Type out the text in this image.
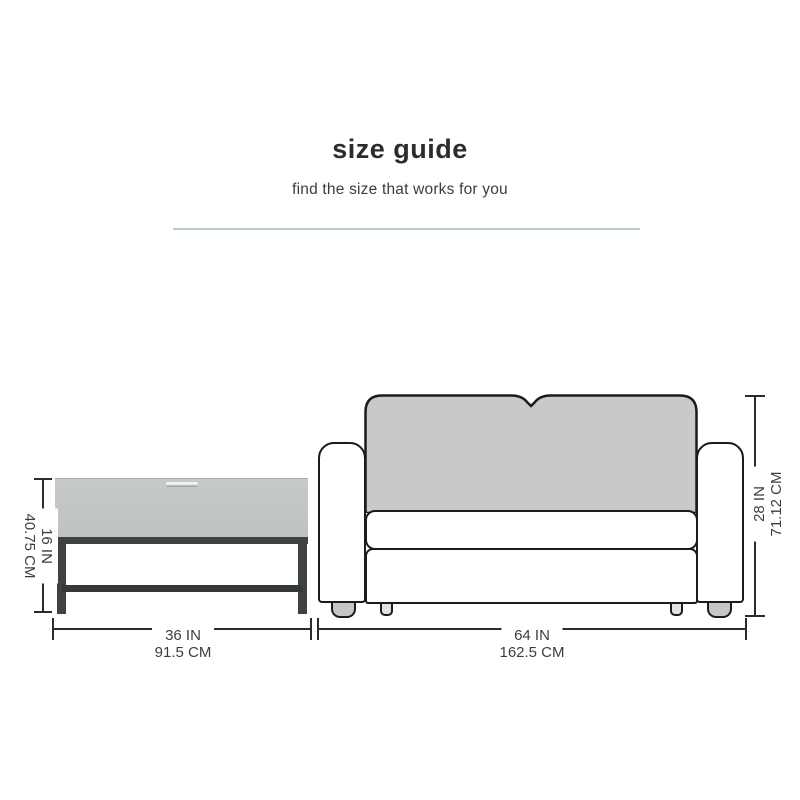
size guide
find the size that works for you
16 IN
40.75 CM
28 IN 71.12 CM
36 IN
91.5 CM
64 IN
162.5 CM
